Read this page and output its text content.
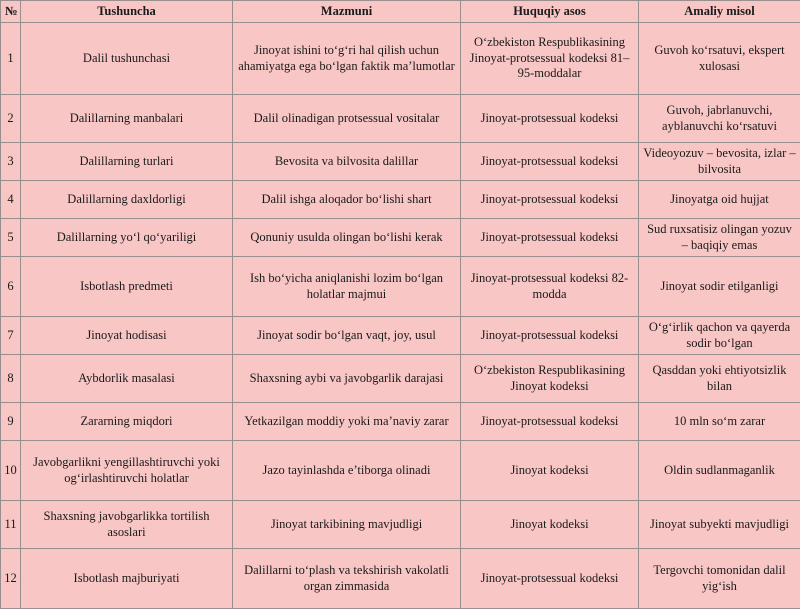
№	Tushuncha	Mazmuni	Huquqiy asos	Amaliy misol
1	Dalil tushunchasi	Jinoyat ishini to‘g‘ri hal qilish uchun ahamiyatga ega bo‘lgan faktik ma’lumotlar	O‘zbekiston Respublikasining Jinoyat-protsessual kodeksi 81–95-moddalar	Guvoh ko‘rsatuvi, ekspert xulosasi
2	Dalillarning manbalari	Dalil olinadigan protsessual vositalar	Jinoyat-protsessual kodeksi	Guvoh, jabrlanuvchi, ayblanuvchi ko‘rsatuvi
3	Dalillarning turlari	Bevosita va bilvosita dalillar	Jinoyat-protsessual kodeksi	Videoyozuv – bevosita, izlar – bilvosita
4	Dalillarning daxldorligi	Dalil ishga aloqador bo‘lishi shart	Jinoyat-protsessual kodeksi	Jinoyatga oid hujjat
5	Dalillarning yo‘l qo‘yariligi	Qonuniy usulda olingan bo‘lishi kerak	Jinoyat-protsessual kodeksi	Sud ruxsatisiz olingan yozuv – baqiqiy emas
6	Isbotlash predmeti	Ish bo‘yicha aniqlanishi lozim bo‘lgan holatlar majmui	Jinoyat-protsessual kodeksi 82-modda	Jinoyat sodir etilganligi
7	Jinoyat hodisasi	Jinoyat sodir bo‘lgan vaqt, joy, usul	Jinoyat-protsessual kodeksi	O‘g‘irlik qachon va qayerda sodir bo‘lgan
8	Aybdorlik masalasi	Shaxsning aybi va javobgarlik darajasi	O‘zbekiston Respublikasining Jinoyat kodeksi	Qasddan yoki ehtiyotsizlik bilan
9	Zararning miqdori	Yetkazilgan moddiy yoki ma’naviy zarar	Jinoyat-protsessual kodeksi	10 mln so‘m zarar
10	Javobgarlikni yengillashtiruvchi yoki og‘irlashtiruvchi holatlar	Jazo tayinlashda e’tiborga olinadi	Jinoyat kodeksi	Oldin sudlanmaganlik
11	Shaxsning javobgarlikka tortilish asoslari	Jinoyat tarkibining mavjudligi	Jinoyat kodeksi	Jinoyat subyekti mavjudligi
12	Isbotlash majburiyati	Dalillarni to‘plash va tekshirish vakolatli organ zimmasida	Jinoyat-protsessual kodeksi	Tergovchi tomonidan dalil yig‘ish
